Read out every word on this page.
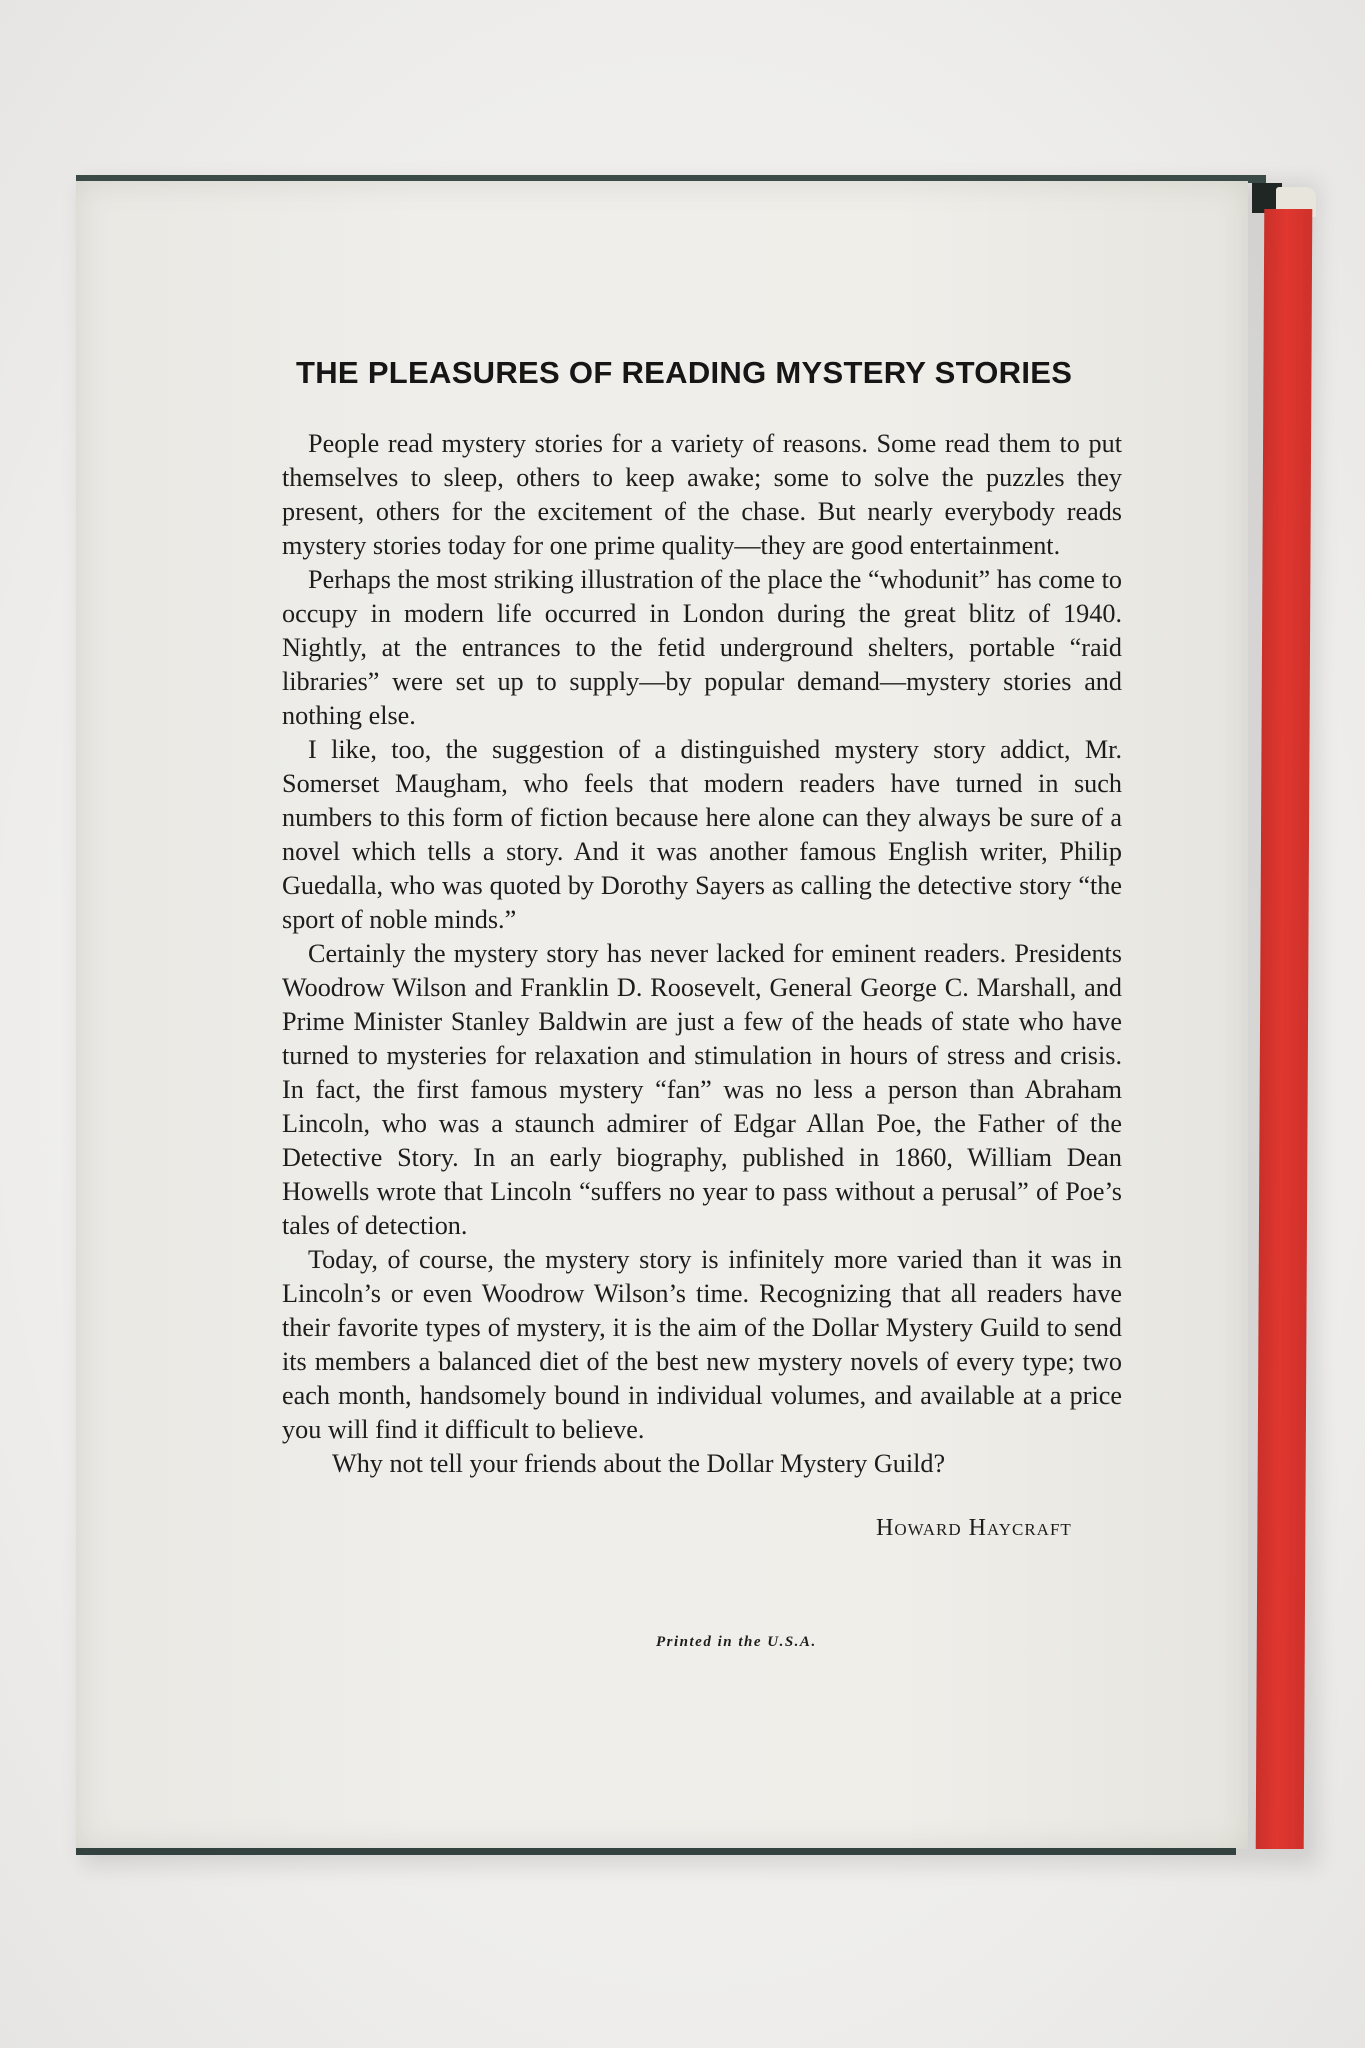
THE PLEASURES OF READING MYSTERY STORIES

People read mystery stories for a variety of reasons. Some read them to put themselves to sleep, others to keep awake; some to solve the puzzles they present, others for the excitement of the chase. But nearly everybody reads mystery stories today for one prime quality—they are good entertainment.

Perhaps the most striking illustration of the place the “whodunit” has come to occupy in modern life occurred in London during the great blitz of 1940. Nightly, at the entrances to the fetid underground shelters, portable “raid libraries” were set up to supply—by popular demand—mystery stories and nothing else.

I like, too, the suggestion of a distinguished mystery story addict, Mr. Somerset Maugham, who feels that modern readers have turned in such numbers to this form of fiction because here alone can they always be sure of a novel which tells a story. And it was another famous English writer, Philip Guedalla, who was quoted by Dorothy Sayers as calling the detective story “the sport of noble minds.”

Certainly the mystery story has never lacked for eminent readers. Presidents Woodrow Wilson and Franklin D. Roosevelt, General George C. Marshall, and Prime Minister Stanley Baldwin are just a few of the heads of state who have turned to mysteries for relaxation and stimulation in hours of stress and crisis. In fact, the first famous mystery “fan” was no less a person than Abraham Lincoln, who was a staunch admirer of Edgar Allan Poe, the Father of the Detective Story. In an early biography, published in 1860, William Dean Howells wrote that Lincoln “suffers no year to pass without a perusal” of Poe’s tales of detection.

Today, of course, the mystery story is infinitely more varied than it was in Lincoln’s or even Woodrow Wilson’s time. Recognizing that all readers have their favorite types of mystery, it is the aim of the Dollar Mystery Guild to send its members a balanced diet of the best new mystery novels of every type; two each month, handsomely bound in individual volumes, and available at a price you will find it difficult to believe.

Why not tell your friends about the Dollar Mystery Guild?

Howard Haycraft
Printed in the U.S.A.
